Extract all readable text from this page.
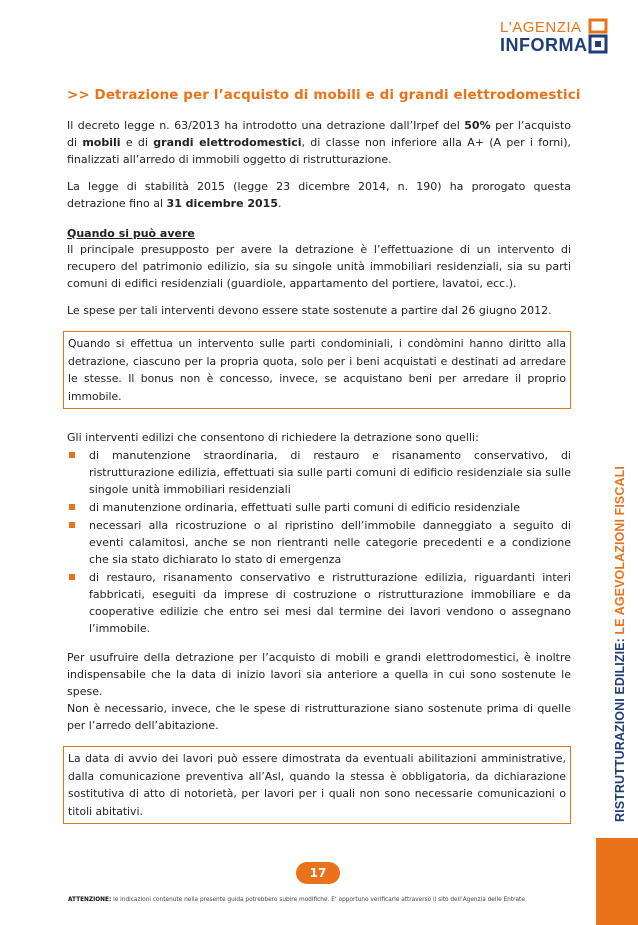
L'AGENZIA
INFORMA
>> Detrazione per l’acquisto di mobili e di grandi elettrodomestici

Il decreto legge n. 63/2013 ha introdotto una detrazione dall’Irpef del 50% per l’acquisto di mobili e di grandi elettrodomestici, di classe non inferiore alla A+ (A per i forni), finalizzati all’arredo di immobili oggetto di ristrutturazione.

La legge di stabilità 2015 (legge 23 dicembre 2014, n. 190) ha prorogato questa detrazione fino al 31 dicembre 2015.

Quando si può avere

Il principale presupposto per avere la detrazione è l’effettuazione di un intervento di recupero del patrimonio edilizio, sia su singole unità immobiliari residenziali, sia su parti comuni di edifici residenziali (guardiole, appartamento del portiere, lavatoi, ecc.).

Le spese per tali interventi devono essere state sostenute a partire dal 26 giugno 2012.

Quando si effettua un intervento sulle parti condominiali, i condòmini hanno diritto alla detrazione, ciascuno per la propria quota, solo per i beni acquistati e destinati ad arredare le stesse. Il bonus non è concesso, invece, se acquistano beni per arredare il proprio immobile.

Gli interventi edilizi che consentono di richiedere la detrazione sono quelli:

di manutenzione straordinaria, di restauro e risanamento conservativo, di ristrutturazione edilizia, effettuati sia sulle parti comuni di edificio residenziale sia sulle singole unità immobiliari residenziali
di manutenzione ordinaria, effettuati sulle parti comuni di edificio residenziale
necessari alla ricostruzione o al ripristino dell’immobile danneggiato a seguito di eventi calamitosi, anche se non rientranti nelle categorie precedenti e a condizione che sia stato dichiarato lo stato di emergenza
di restauro, risanamento conservativo e ristrutturazione edilizia, riguardanti interi fabbricati, eseguiti da imprese di costruzione o ristrutturazione immobiliare e da cooperative edilizie che entro sei mesi dal termine dei lavori vendono o assegnano l’immobile.

Per usufruire della detrazione per l’acquisto di mobili e grandi elettrodomestici, è inoltre indispensabile che la data di inizio lavori sia anteriore a quella in cui sono sostenute le spese.

Non è necessario, invece, che le spese di ristrutturazione siano sostenute prima di quelle per l’arredo dell’abitazione.

La data di avvio dei lavori può essere dimostrata da eventuali abilitazioni amministrative, dalla comunicazione preventiva all’Asl, quando la stessa è obbligatoria, da dichiarazione sostitutiva di atto di notorietà, per lavori per i quali non sono necessarie comunicazioni o titoli abitativi.	RISTRUTTURAZIONI EDILIZIE: LE AGEVOLAZIONI FISCALI
17
ATTENZIONE: le indicazioni contenute nella presente guida potrebbero subire modifiche. E’ opportuno verificarle attraverso il sito dell’Agenzia delle Entrate
